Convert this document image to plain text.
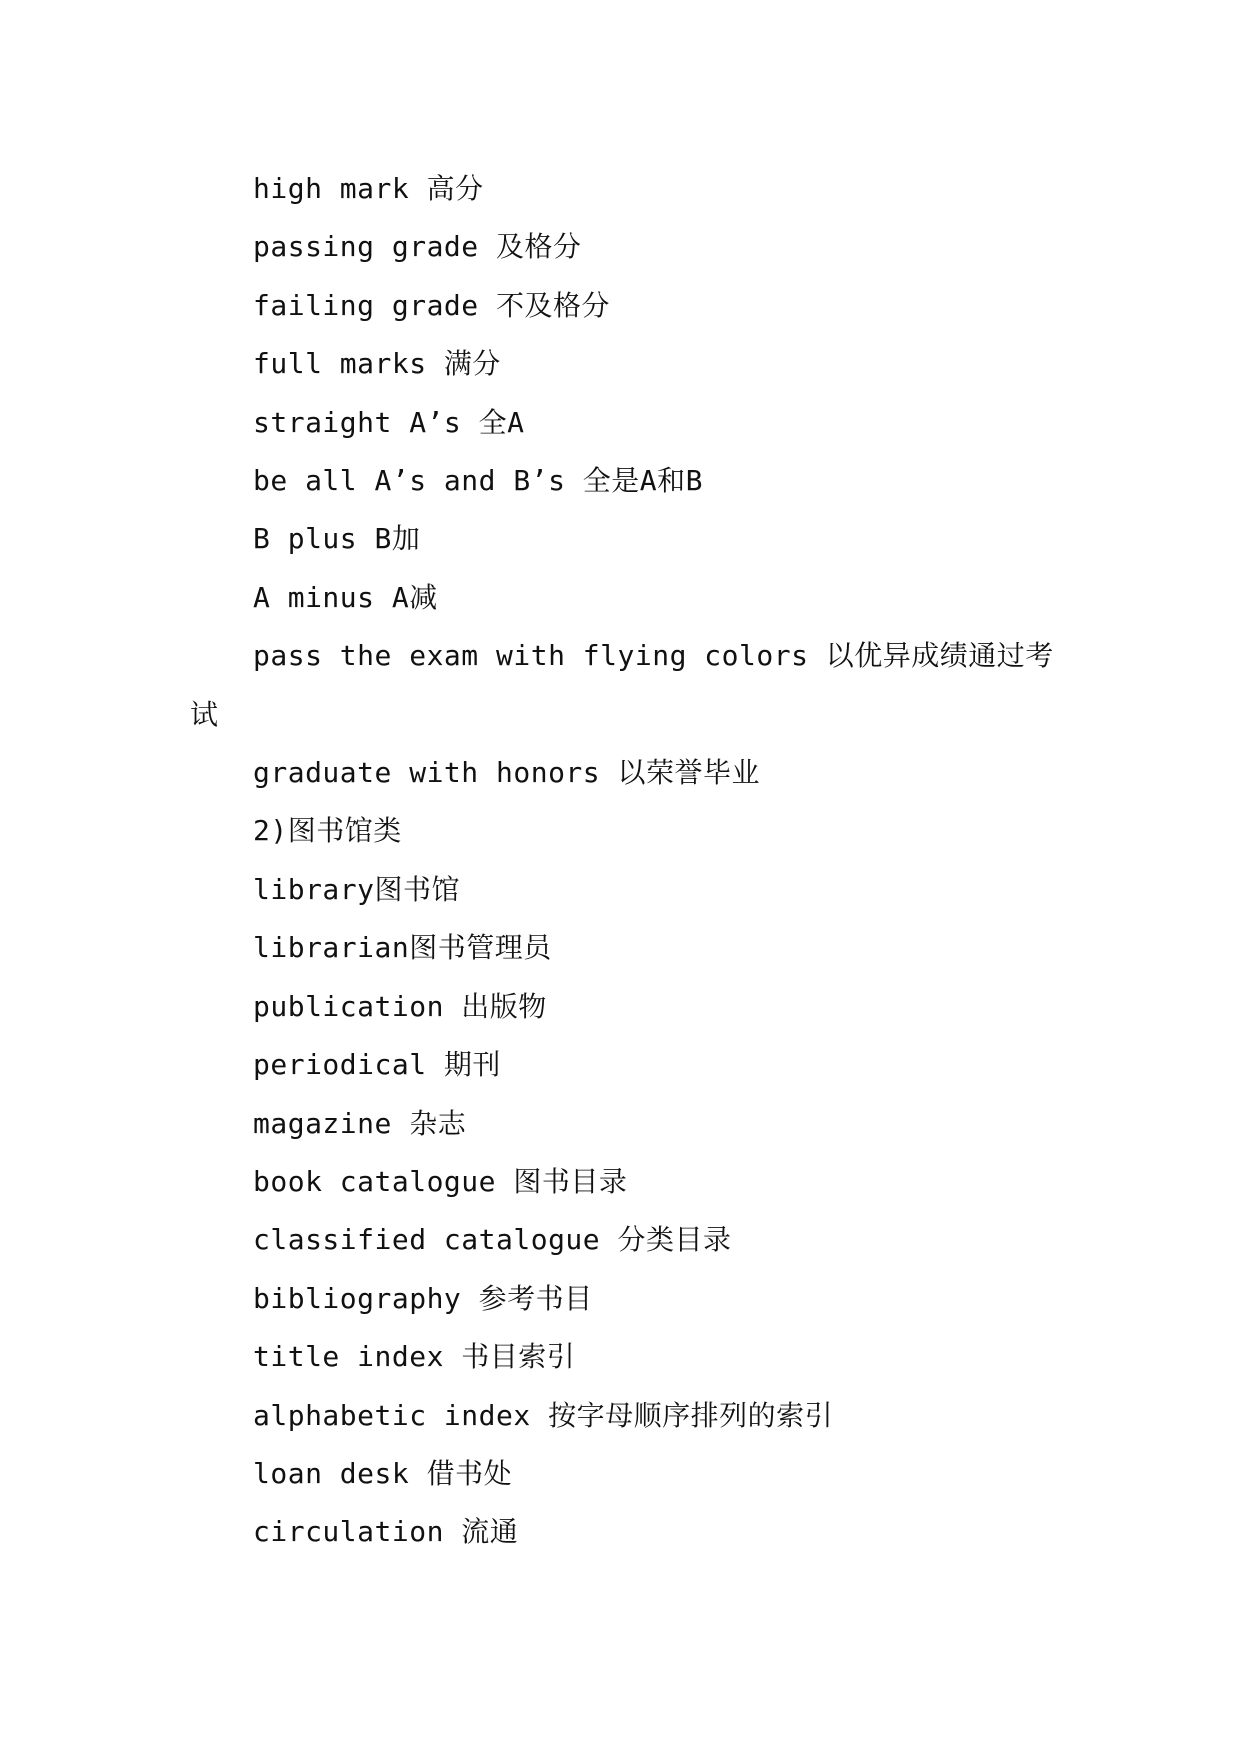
high mark 高分

passing grade 及格分

failing grade 不及格分

full marks 满分

straight A’s 全A

be all A’s and B’s 全是A和B

B plus B加

A minus A减

pass the exam with flying colors 以优异成绩通过考试

graduate with honors 以荣誉毕业

2)图书馆类

library图书馆

librarian图书管理员

publication 出版物

periodical 期刊

magazine 杂志

book catalogue 图书目录

classified catalogue 分类目录

bibliography 参考书目

title index 书目索引

alphabetic index 按字母顺序排列的索引

loan desk 借书处

circulation 流通
